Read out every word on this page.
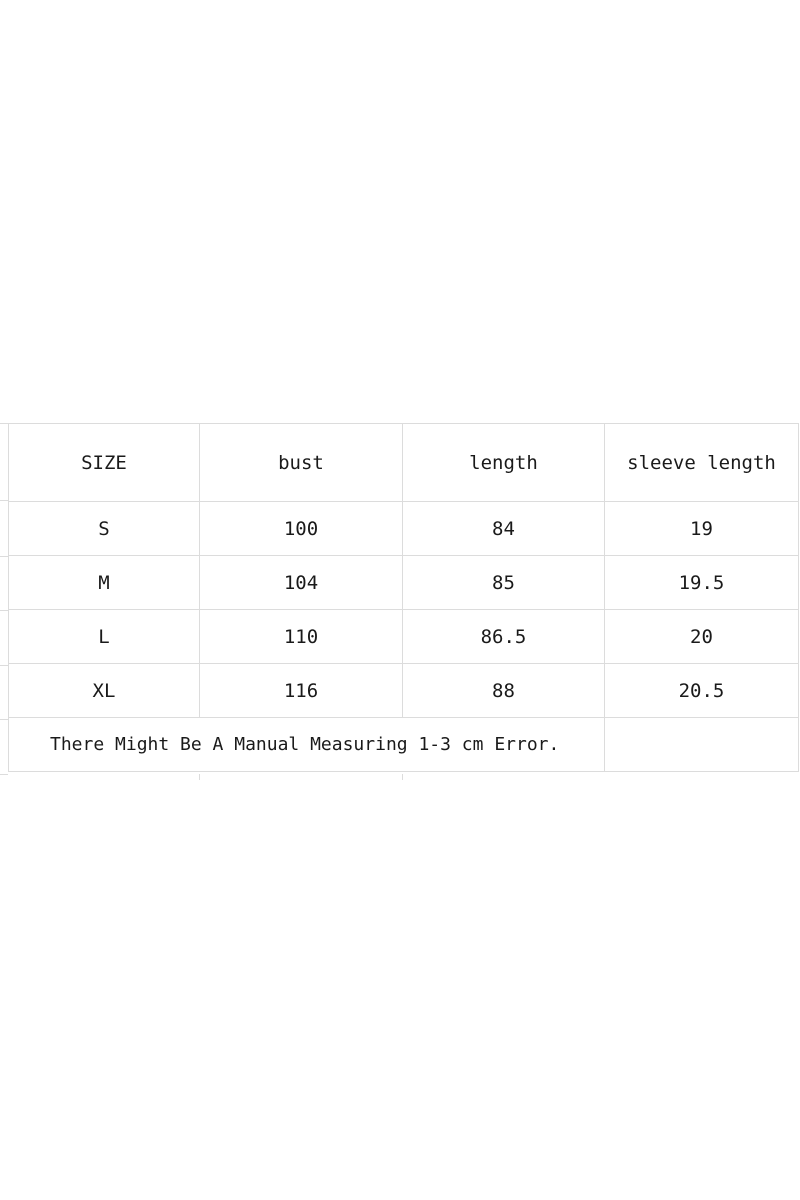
SIZE	bust	length	sleeve length
S	100	84	19
M	104	85	19.5
L	110	86.5	20
XL	116	88	20.5
There Might Be A Manual Measuring 1-3 cm Error.			
